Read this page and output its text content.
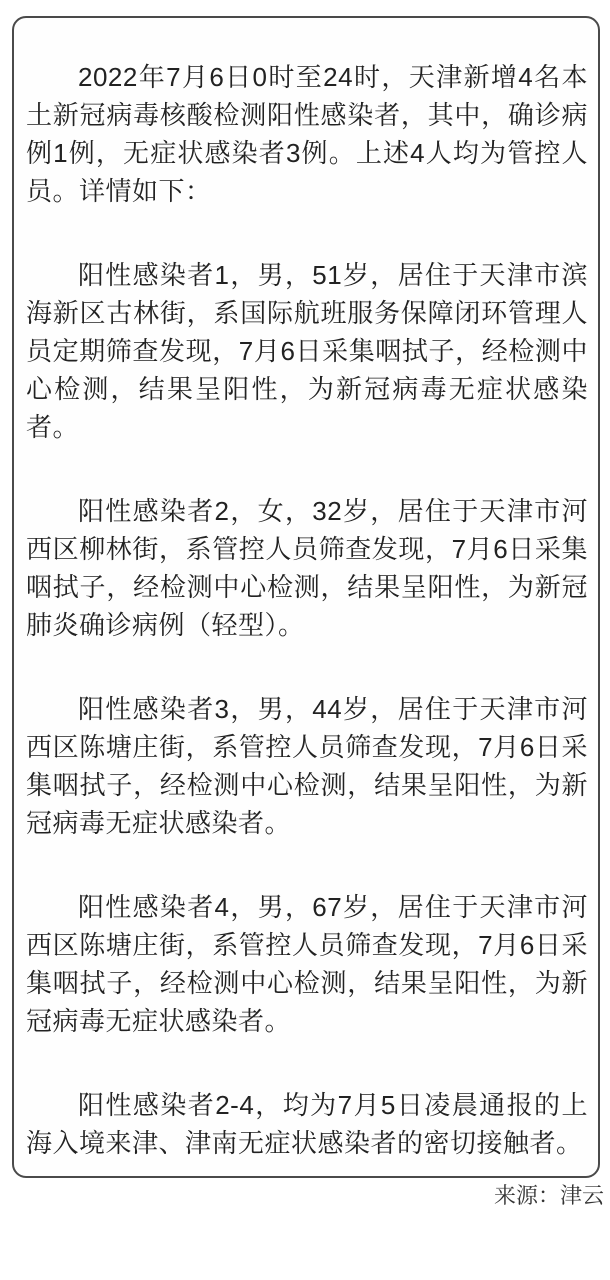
2022年7月6日0时至24时，天津新增4名本土新冠病毒核酸检测阳性感染者，其中，确诊病例1例，无症状感染者3例。上述4人均为管控人员。详情如下：

阳性感染者1，男，51岁，居住于天津市滨海新区古林街，系国际航班服务保障闭环管理人员定期筛查发现，7月6日采集咽拭子，经检测中心检测，结果呈阳性，为新冠病毒无症状感染者。

阳性感染者2，女，32岁，居住于天津市河西区柳林街，系管控人员筛查发现，7月6日采集咽拭子，经检测中心检测，结果呈阳性，为新冠肺炎确诊病例（轻型）。

阳性感染者3，男，44岁，居住于天津市河西区陈塘庄街，系管控人员筛查发现，7月6日采集咽拭子，经检测中心检测，结果呈阳性，为新冠病毒无症状感染者。

阳性感染者4，男，67岁，居住于天津市河西区陈塘庄街，系管控人员筛查发现，7月6日采集咽拭子，经检测中心检测，结果呈阳性，为新冠病毒无症状感染者。

阳性感染者2-4，均为7月5日凌晨通报的上海入境来津、津南无症状感染者的密切接触者。

来源：津云
